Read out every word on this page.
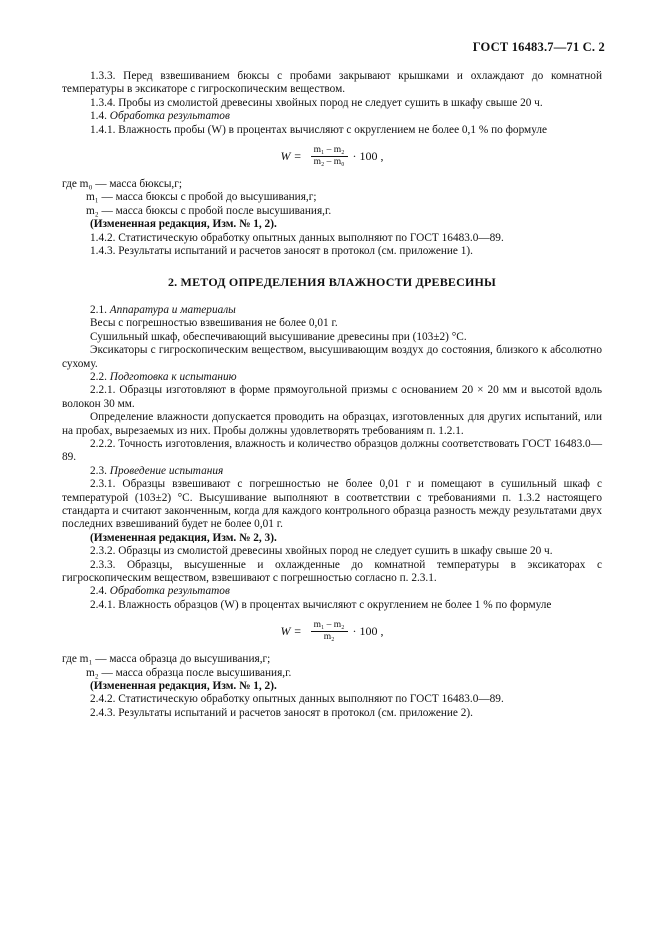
ГОСТ 16483.7—71 С. 2

1.3.3. Перед взвешиванием бюксы с пробами закрывают крышками и охлаждают до комнатной температуры в эксикаторе с гигроскопическим веществом.

1.3.4. Пробы из смолистой древесины хвойных пород не следует сушить в шкафу свыше 20 ч.

1.4. Обработка результатов

1.4.1. Влажность пробы (W) в процентах вычисляют с округлением не более 0,1 % по формуле

$W = \frac{\text{m₁ – m₂}}{\text{m₂ – m₀}} \cdot 100$ ,

где m₀ — масса бюксы,г;

m₁ — масса бюксы с пробой до высушивания,г;

m₂ — масса бюксы с пробой после высушивания,г.

(Измененная редакция, Изм. № 1, 2).

1.4.2. Статистическую обработку опытных данных выполняют по ГОСТ 16483.0—89.

1.4.3. Результаты испытаний и расчетов заносят в протокол (см. приложение 1).

2. МЕТОД ОПРЕДЕЛЕНИЯ ВЛАЖНОСТИ ДРЕВЕСИНЫ

2.1. Аппаратура и материалы

Весы с погрешностью взвешивания не более 0,01 г.

Сушильный шкаф, обеспечивающий высушивание древесины при (103±2) °С.

Эксикаторы с гигроскопическим веществом, высушивающим воздух до состояния, близкого к абсолютно сухому.

2.2. Подготовка к испытанию

2.2.1. Образцы изготовляют в форме прямоугольной призмы с основанием 20 × 20 мм и высотой вдоль волокон 30 мм.

Определение влажности допускается проводить на образцах, изготовленных для других испытаний, или на пробах, вырезаемых из них. Пробы должны удовлетворять требованиям п. 1.2.1.

2.2.2. Точность изготовления, влажность и количество образцов должны соответствовать ГОСТ 16483.0—89.

2.3. Проведение испытания

2.3.1. Образцы взвешивают с погрешностью не более 0,01 г и помещают в сушильный шкаф с температурой (103±2) °С. Высушивание выполняют в соответствии с требованиями п. 1.3.2 настоящего стандарта и считают законченным, когда для каждого контрольного образца разность между результатами двух последних взвешиваний будет не более 0,01 г.

(Измененная редакция, Изм. № 2, 3).

2.3.2. Образцы из смолистой древесины хвойных пород не следует сушить в шкафу свыше 20 ч.

2.3.3. Образцы, высушенные и охлажденные до комнатной температуры в эксикаторах с гигроскопическим веществом, взвешивают с погрешностью согласно п. 2.3.1.

2.4. Обработка результатов

2.4.1. Влажность образцов (W) в процентах вычисляют с округлением не более 1 % по формуле

$W = \frac{\text{m₁ – m₂}}{\text{m₂}} \cdot 100$ ,

где m₁ — масса образца до высушивания,г;

m₂ — масса образца после высушивания,г.

(Измененная редакция, Изм. № 1, 2).

2.4.2. Статистическую обработку опытных данных выполняют по ГОСТ 16483.0—89.

2.4.3. Результаты испытаний и расчетов заносят в протокол (см. приложение 2).
